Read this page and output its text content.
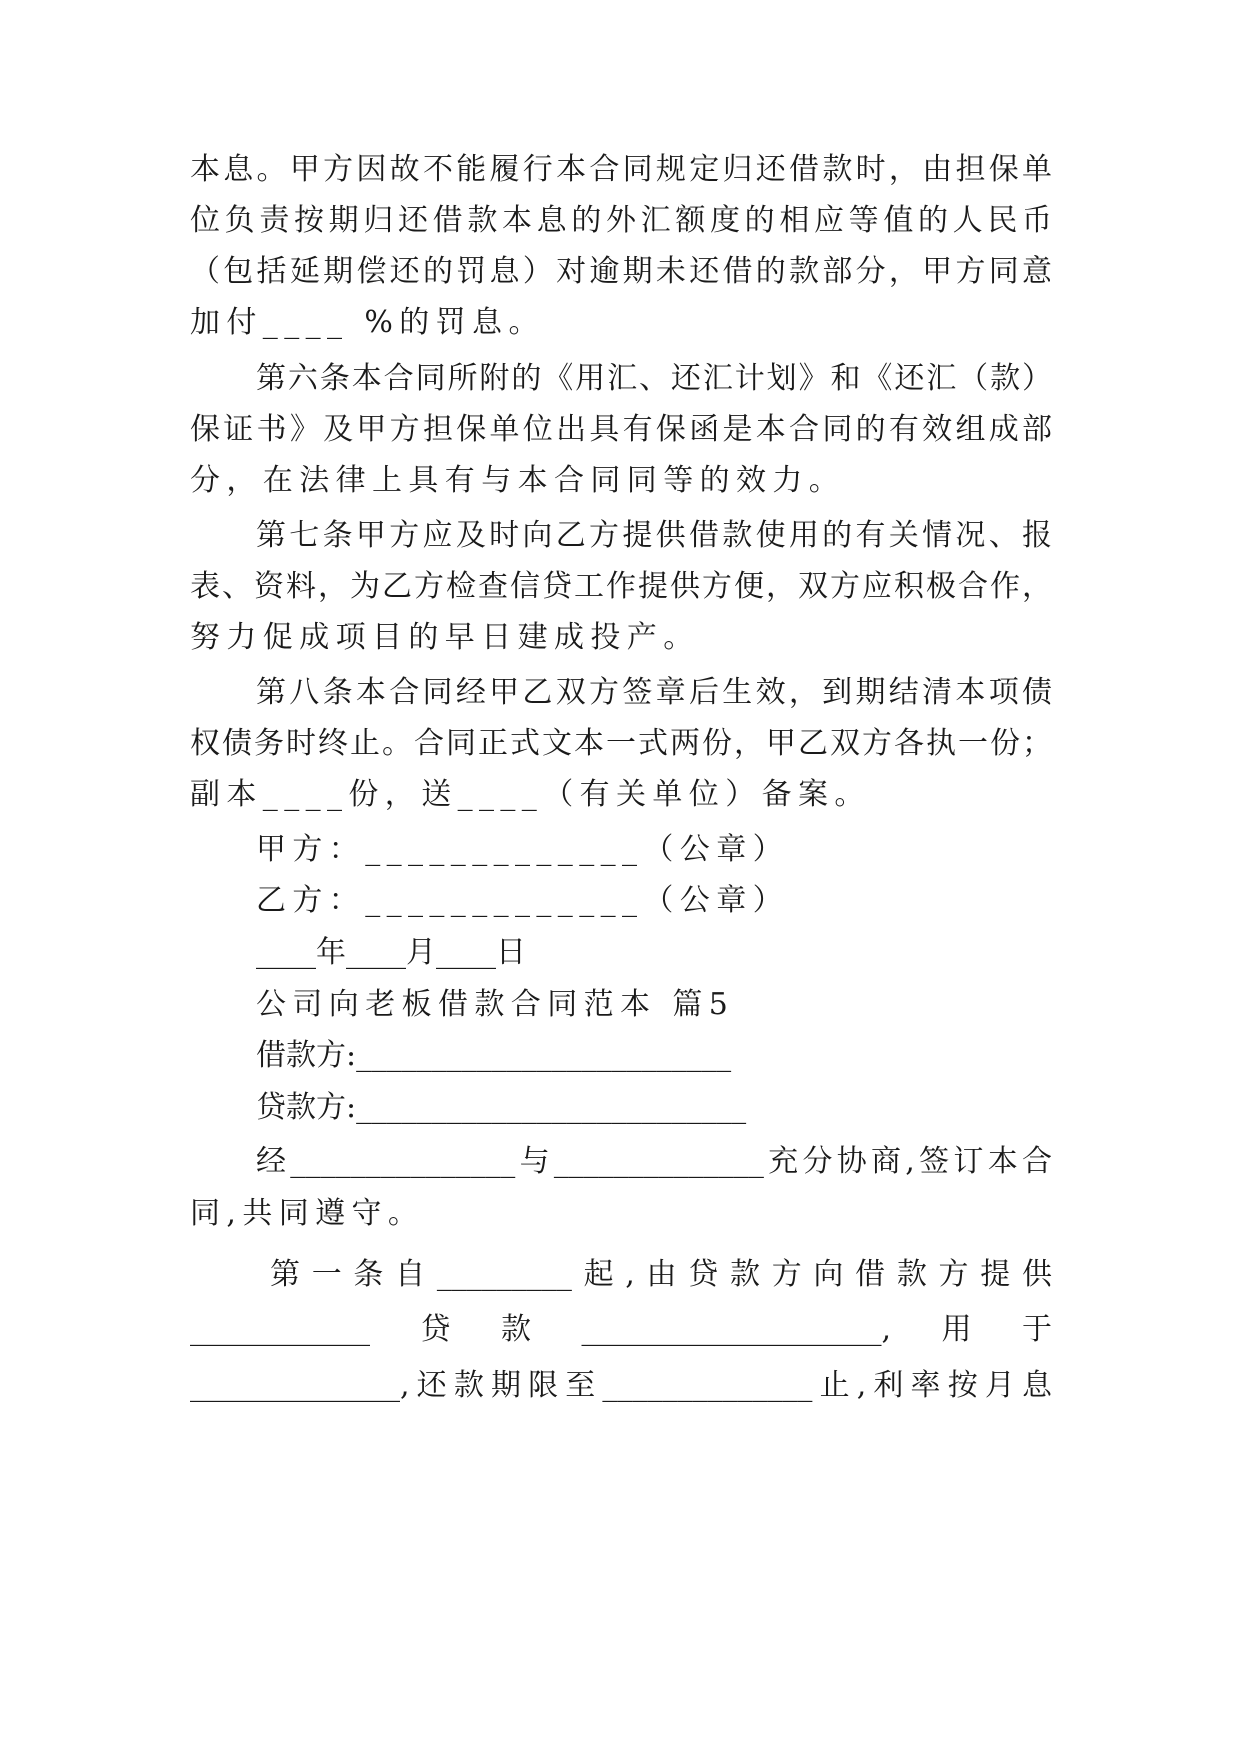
本息。甲方因故不能履行本合同规定归还借款时，由担保单
位负责按期归还借款本息的外汇额度的相应等值的人民币
（包括延期偿还的罚息）对逾期未还借的款部分，甲方同意
加付____ %的罚息。
第六条本合同所附的《用汇、还汇计划》和《还汇（款）
保证书》及甲方担保单位出具有保函是本合同的有效组成部
分，在法律上具有与本合同同等的效力。
第七条甲方应及时向乙方提供借款使用的有关情况、报
表、资料，为乙方检查信贷工作提供方便，双方应积极合作，
努力促成项目的早日建成投产。
第八条本合同经甲乙双方签章后生效，到期结清本项债
权债务时终止。合同正式文本一式两份，甲乙双方各执一份；
副本____份，送____（有关单位）备案。
甲方：_____________（公章）
乙方：_____________（公章）
____年____月____日
公司向老板借款合同范本 篇5
借款方:_________________________
贷款方:__________________________
经_______________与______________充分协商,签订本合
同,共同遵守。
第一条自_________起,由贷款方向借款方提供
____________贷款____________________,用于
______________,还款期限至______________止,利率按月息
